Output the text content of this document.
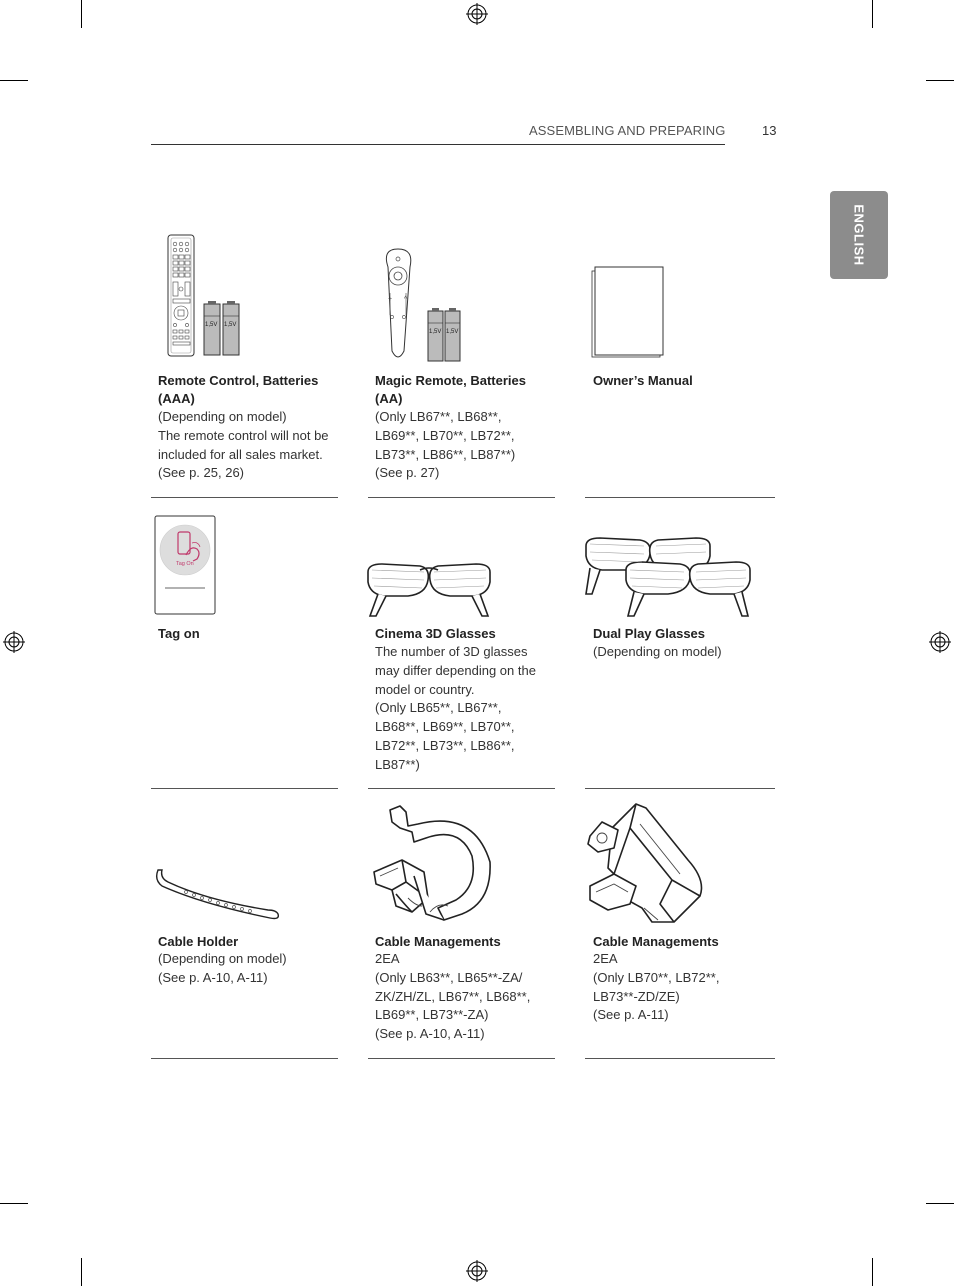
ASSEMBLING AND PREPARING	13
ENGLISH
1,5V 1,5V
Remote Control, Batteries (AAA)
(Depending on model)
The remote control will not be included for all sales market.
(See p. 25, 26)
+ ^
1,5V 1,5V
Magic Remote, Batteries (AA)
(Only LB67**, LB68**, LB69**, LB70**, LB72**, LB73**, LB86**, LB87**)
(See p. 27)
Owner’s Manual
Tag On
Tag on	Cinema 3D Glasses
The number of 3D glasses may differ depending on the model or country.
(Only LB65**, LB67**, LB68**, LB69**, LB70**, LB72**, LB73**, LB86**, LB87**)
Dual Play Glasses
(Depending on model)
Cable Holder
(Depending on model)
(See p. A-10, A-11)
Cable Managements
2EA
(Only LB63**, LB65**-ZA/ ZK/ZH/ZL, LB67**, LB68**, LB69**, LB73**-ZA)
(See p. A-10, A-11)
Cable Managements
2EA
(Only LB70**, LB72**, LB73**-ZD/ZE)
(See p. A-11)
